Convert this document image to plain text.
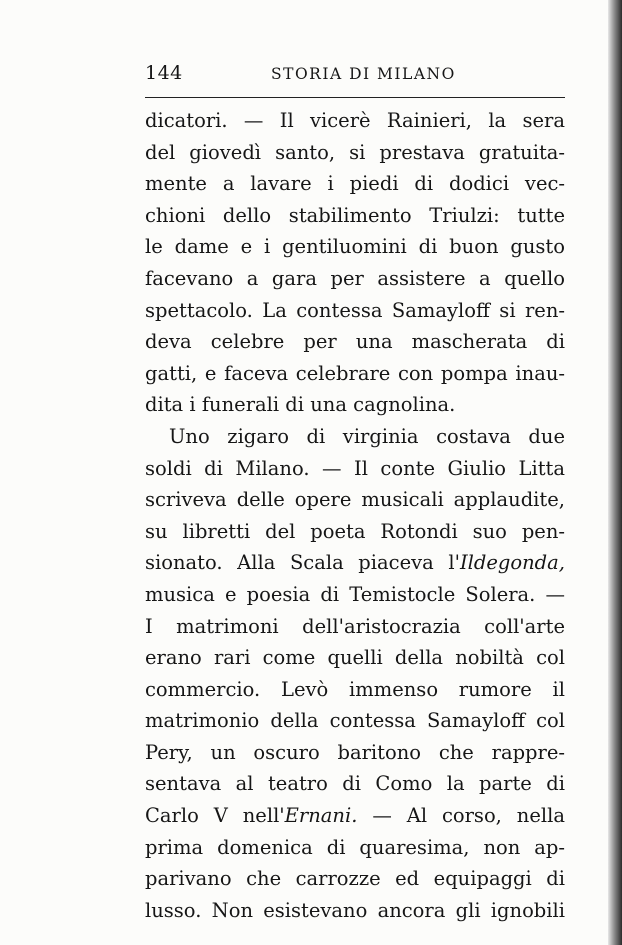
144	STORIA DI MILANO
dicatori. — Il vicerè Rainieri, la sera
del giovedì santo, si prestava gratuita-
mente a lavare i piedi di dodici vec-
chioni dello stabilimento Triulzi: tutte
le dame e i gentiluomini di buon gusto
facevano a gara per assistere a quello
spettacolo. La contessa Samayloff si ren-
deva celebre per una mascherata di
gatti, e faceva celebrare con pompa inau-
dita i funerali di una cagnolina.
Uno zigaro di virginia costava due
soldi di Milano. — Il conte Giulio Litta
scriveva delle opere musicali applaudite,
su libretti del poeta Rotondi suo pen-
sionato. Alla Scala piaceva l'Ildegonda,
musica e poesia di Temistocle Solera. —
I matrimoni dell'aristocrazia coll'arte
erano rari come quelli della nobiltà col
commercio. Levò immenso rumore il
matrimonio della contessa Samayloff col
Pery, un oscuro baritono che rappre-
sentava al teatro di Como la parte di
Carlo V nell'Ernani. — Al corso, nella
prima domenica di quaresima, non ap-
parivano che carrozze ed equipaggi di
lusso. Non esistevano ancora gli ignobili
